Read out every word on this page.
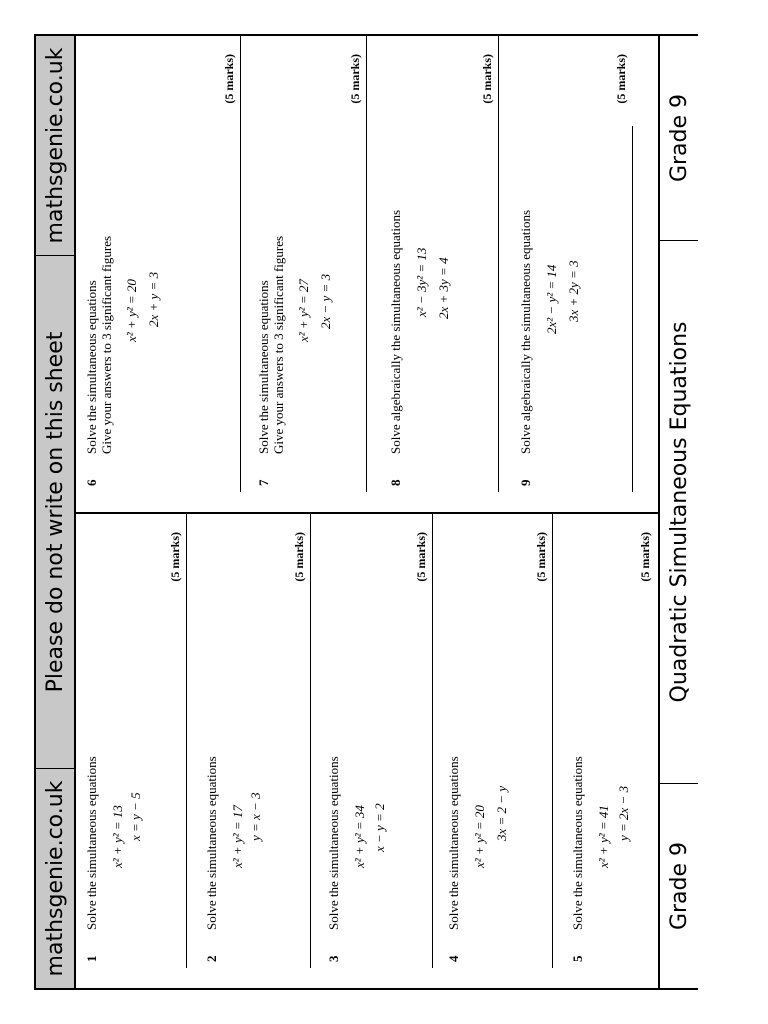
mathsgenie.co.uk
Please do not write on this sheet
mathsgenie.co.uk
1
Solve the simultaneous equations x² + y² = 13 x = y − 5
(5 marks)
2
Solve the simultaneous equations x² + y² = 17 y = x − 3
(5 marks)
3
Solve the simultaneous equations x² + y² = 34 x − y = 2
(5 marks)
4
Solve the simultaneous equations x² + y² = 20 3x = 2 − y
(5 marks)
5
Solve the simultaneous equations x² + y² = 41 y = 2x − 3
(5 marks)
6
Solve the simultaneous equations Give your answers to 3 significant figures x² + y² = 20 2x + y = 3
(5 marks)
7
Solve the simultaneous equations Give your answers to 3 significant figures x² + y² = 27 2x − y = 3
(5 marks)
8
Solve algebraically the simultaneous equations x² − 3y² = 13 2x + 3y = 4
(5 marks)
9
Solve algebraically the simultaneous equations 2x² − y² = 14 3x + 2y = 3
(5 marks)
Grade 9
Quadratic Simultaneous Equations
Grade 9
